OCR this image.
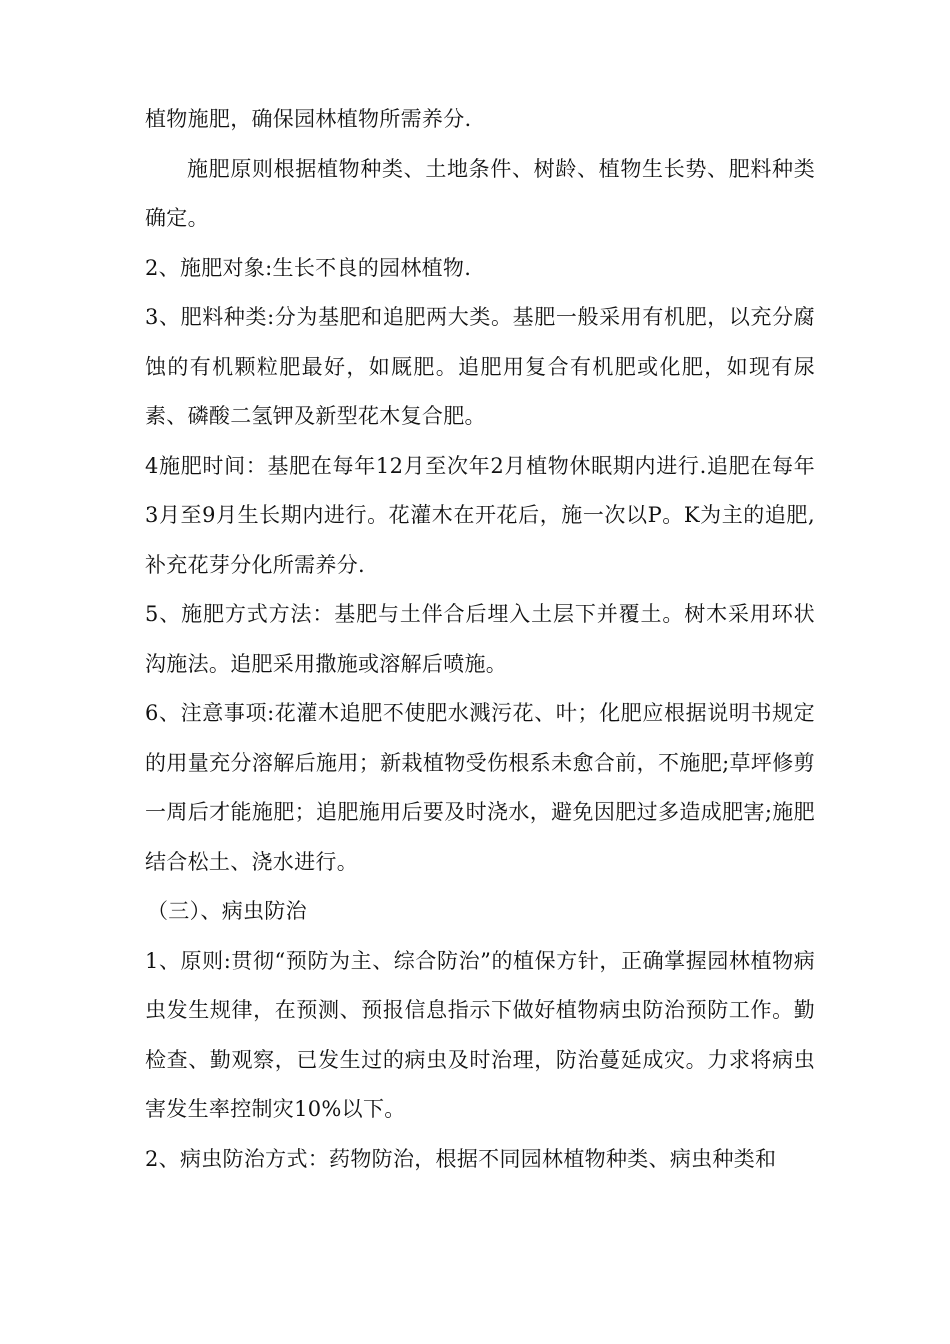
植物施肥，确保园林植物所需养分.

施肥原则根据植物种类、土地条件、树龄、植物生长势、肥料种类确定。

2、施肥对象:生长不良的园林植物.

3、肥料种类:分为基肥和追肥两大类。基肥一般采用有机肥，以充分腐蚀的有机颗粒肥最好，如厩肥。追肥用复合有机肥或化肥，如现有尿素、磷酸二氢钾及新型花木复合肥。

4施肥时间：基肥在每年12月至次年2月植物休眠期内进行.追肥在每年3月至9月生长期内进行。花灌木在开花后，施一次以P。K为主的追肥,补充花芽分化所需养分.

5、施肥方式方法：基肥与土伴合后埋入土层下并覆土。树木采用环状沟施法。追肥采用撒施或溶解后喷施。

6、注意事项:花灌木追肥不使肥水溅污花、叶；化肥应根据说明书规定的用量充分溶解后施用；新栽植物受伤根系未愈合前，不施肥;草坪修剪一周后才能施肥；追肥施用后要及时浇水，避免因肥过多造成肥害;施肥结合松土、浇水进行。

（三）、病虫防治

1、原则:贯彻“预防为主、综合防治”的植保方针，正确掌握园林植物病虫发生规律，在预测、预报信息指示下做好植物病虫防治预防工作。勤检查、勤观察，已发生过的病虫及时治理，防治蔓延成灾。力求将病虫害发生率控制灾10%以下。

2、病虫防治方式：药物防治，根据不同园林植物种类、病虫种类和
